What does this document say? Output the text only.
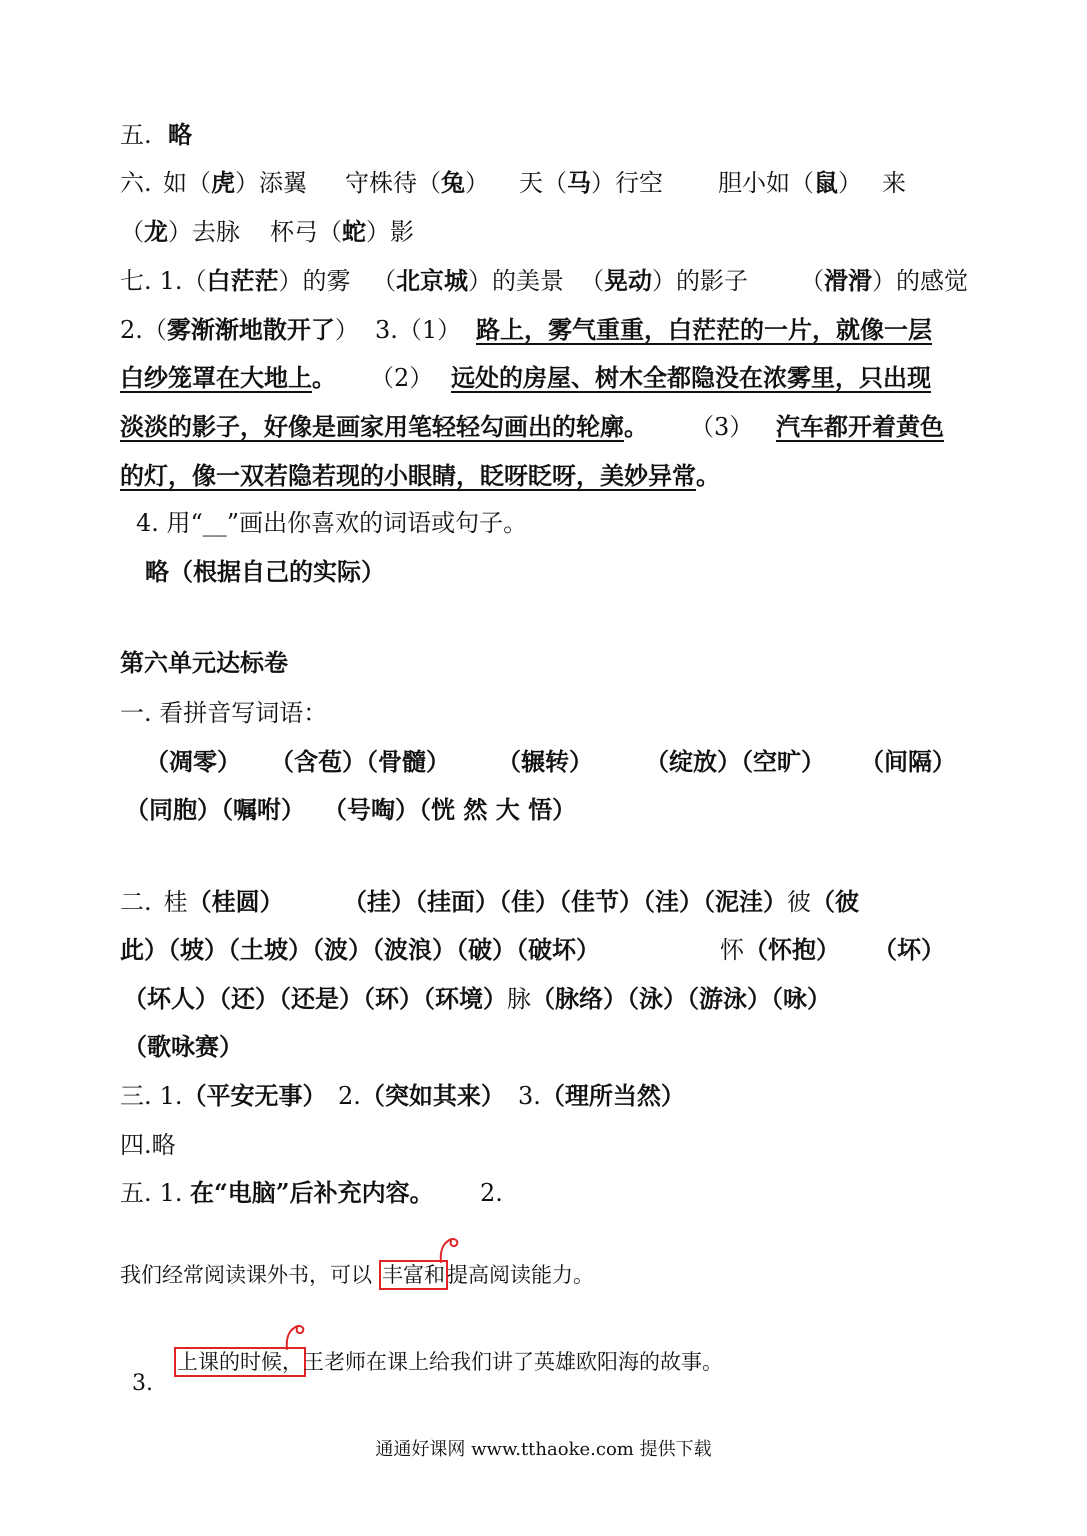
五.

略

六.

如（虎）添翼

守株待（兔）

天（马）行空

胆小如（鼠）

来

（龙）去脉

杯弓（蛇）影

七. 1.（白茫茫）的雾

（北京城）的美景

（晃动）的影子

（滑滑）的感觉

2.（雾渐渐地散开了）

3.（1）

路上，雾气重重，白茫茫的一片，就像一层

白纱笼罩在大地上。

（2）

远处的房屋、树木全都隐没在浓雾里，只出现

淡淡的影子，好像是画家用笔轻轻勾画出的轮廓。

（3）

汽车都开着黄色

的灯，像一双若隐若现的小眼睛，眨呀眨呀，美妙异常。

4. 用“__”画出你喜欢的词语或句子。

略（根据自己的实际）

第六单元达标卷

一. 看拼音写词语：

（凋零）

（含苞）（骨髓）

（辗转）

（绽放）（空旷）

（间隔）

（同胞）（嘱咐）

（号啕）（恍 然 大 悟）

二. 桂（桂圆）

（挂）（挂面）（佳）（佳节）（洼）（泥洼）彼（彼

此）（坡）（土坡）（波）（波浪）（破）（破坏）

	怀（怀抱）

（坏）

（坏人）（还）（还是）（环）（环境）脉（脉络）（泳）（游泳）（咏）

（歌咏赛）

三. 1.（平安无事）

2.（突如其来）

3.（理所当然）

四.略

五. 1.

在“电脑”后补充内容。

2.

我们经常阅读课外书，可以

丰富和

提高阅读能力。

上课的时候，

王老师在课上给我们讲了英雄欧阳海的故事。

3.

通通好课网 www.tthaoke.com 提供下载
